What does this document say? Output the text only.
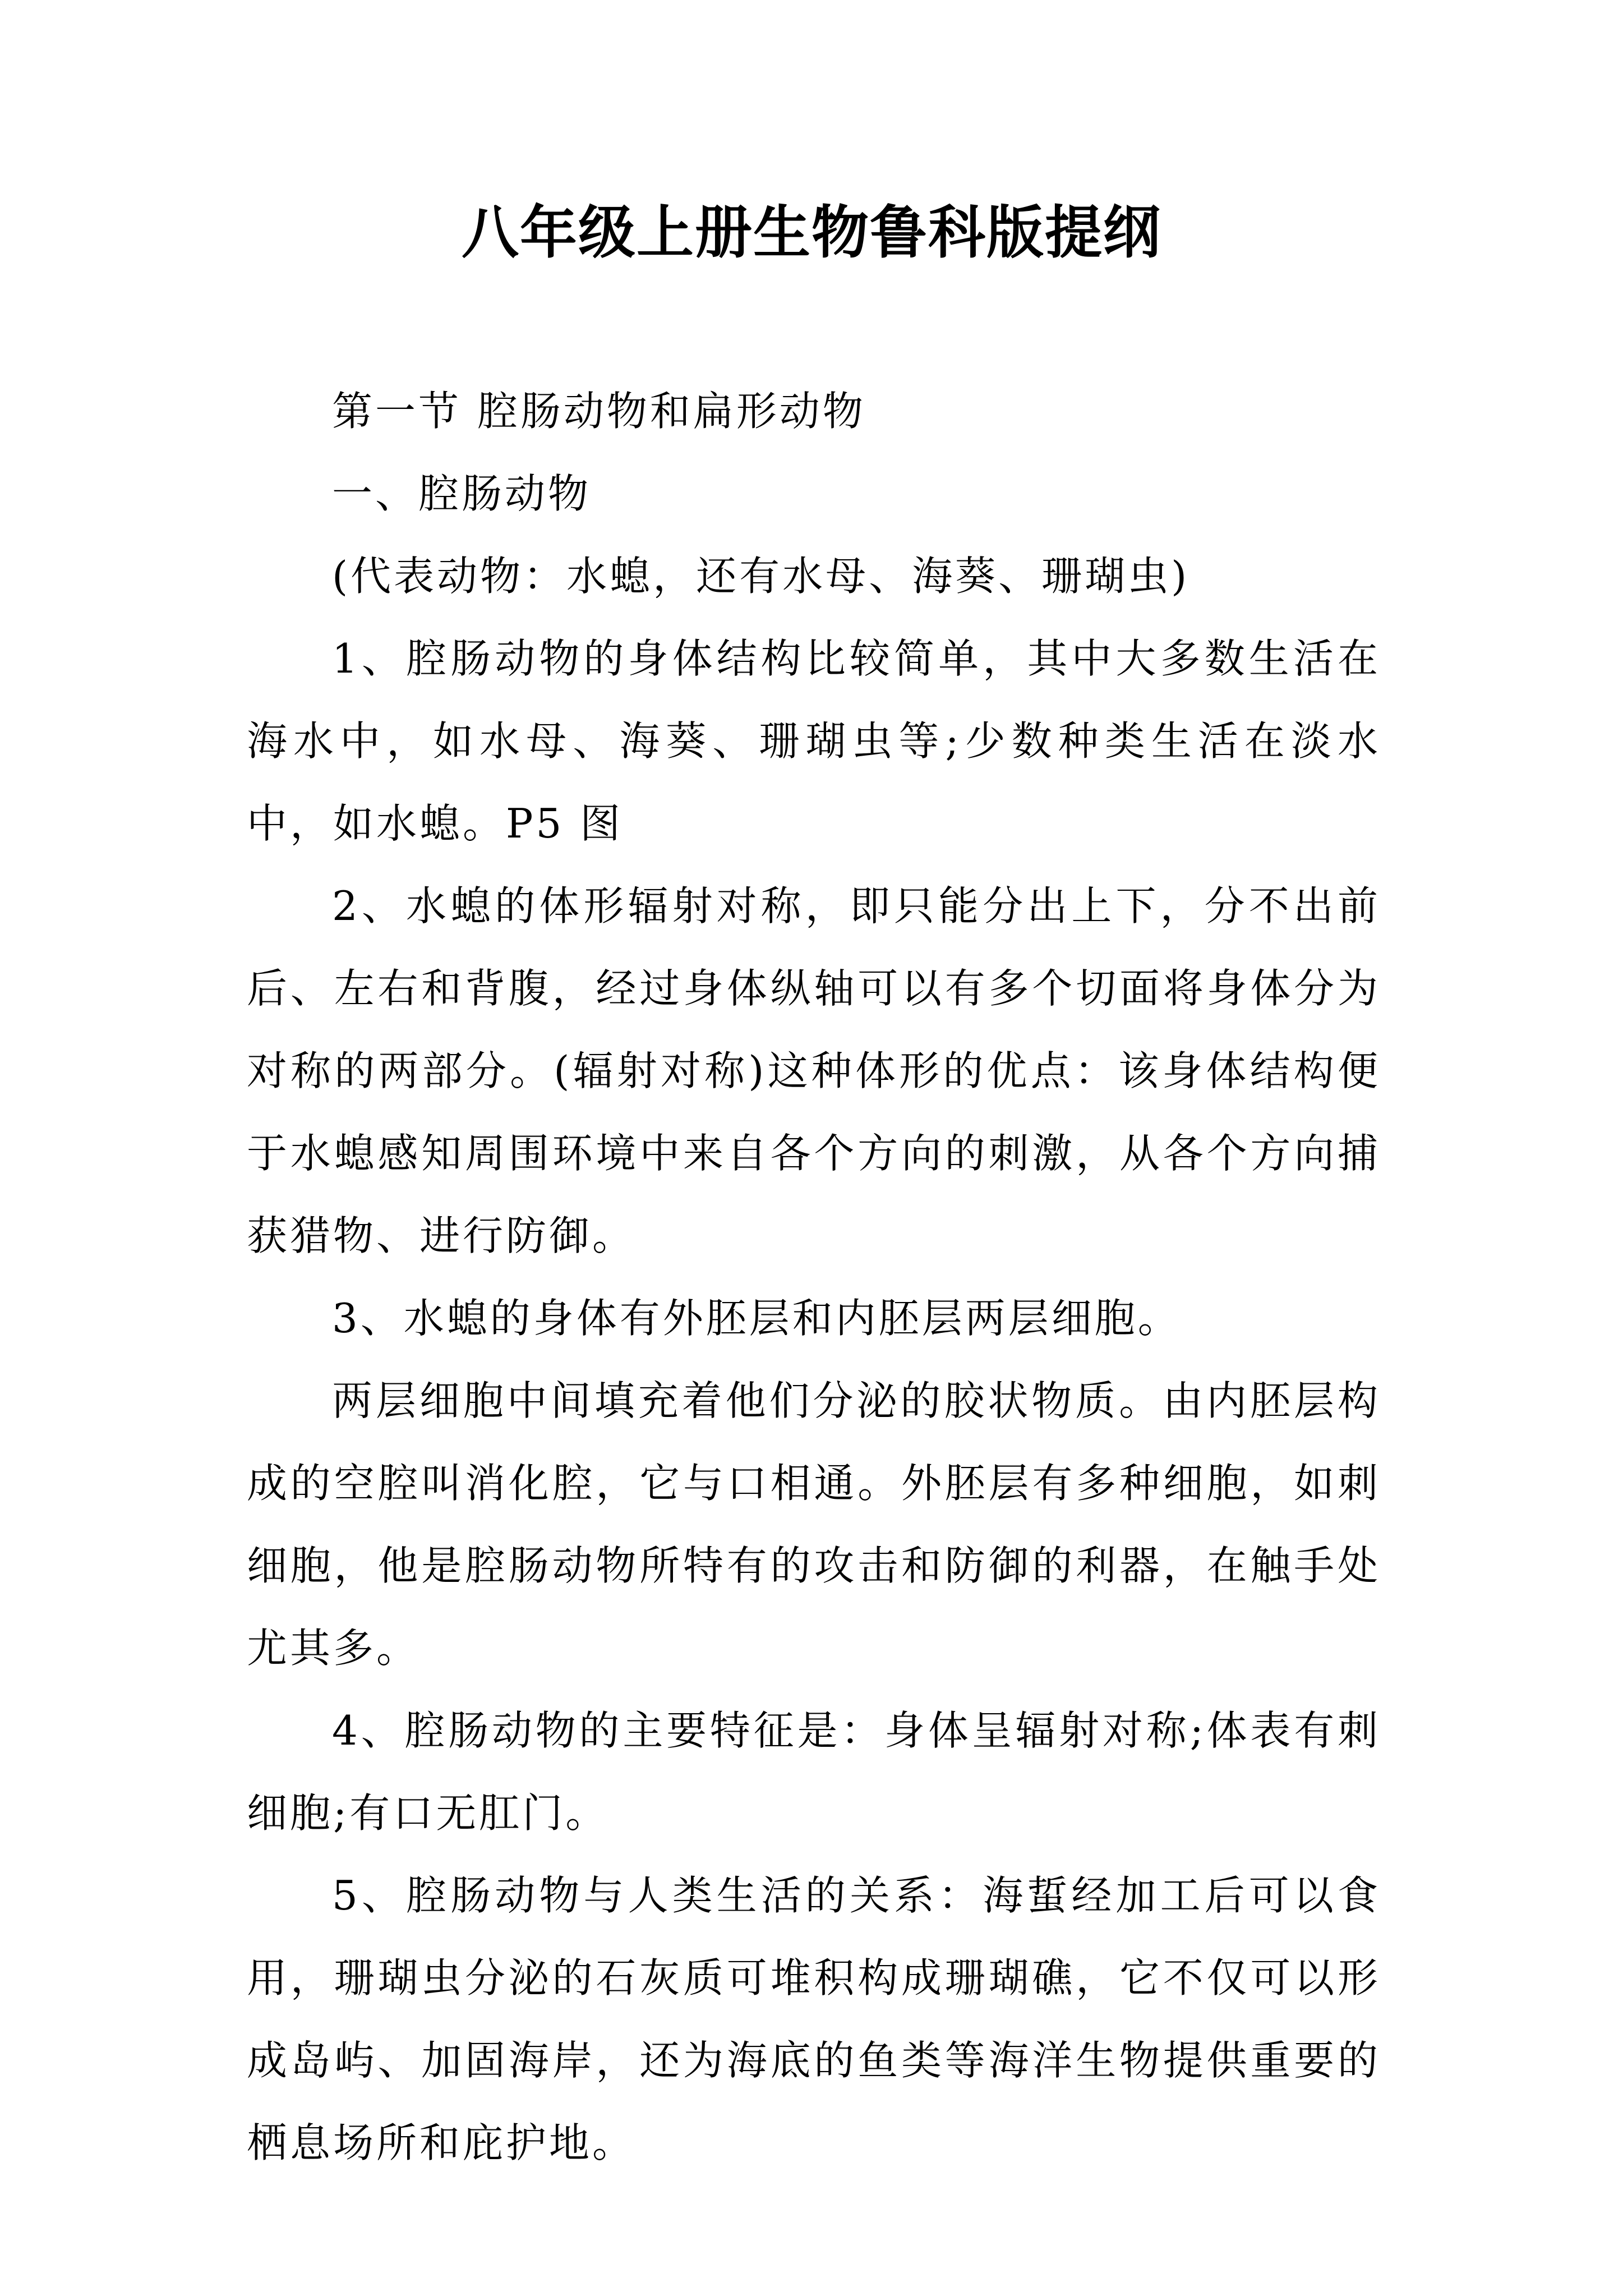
八年级上册生物鲁科版提纲

第一节 腔肠动物和扁形动物

一、腔肠动物

(代表动物：水螅，还有水母、海葵、珊瑚虫)

1、腔肠动物的身体结构比较简单，其中大多数生活在海水中，如水母、海葵、珊瑚虫等;少数种类生活在淡水中，如水螅。P5 图

2、水螅的体形辐射对称，即只能分出上下，分不出前后、左右和背腹，经过身体纵轴可以有多个切面将身体分为对称的两部分。(辐射对称)这种体形的优点：该身体结构便于水螅感知周围环境中来自各个方向的刺激，从各个方向捕获猎物、进行防御。

3、水螅的身体有外胚层和内胚层两层细胞。

两层细胞中间填充着他们分泌的胶状物质。由内胚层构成的空腔叫消化腔，它与口相通。外胚层有多种细胞，如刺细胞，他是腔肠动物所特有的攻击和防御的利器，在触手处尤其多。

4、腔肠动物的主要特征是：身体呈辐射对称;体表有刺细胞;有口无肛门。

5、腔肠动物与人类生活的关系：海蜇经加工后可以食用，珊瑚虫分泌的石灰质可堆积构成珊瑚礁，它不仅可以形成岛屿、加固海岸，还为海底的鱼类等海洋生物提供重要的栖息场所和庇护地。
